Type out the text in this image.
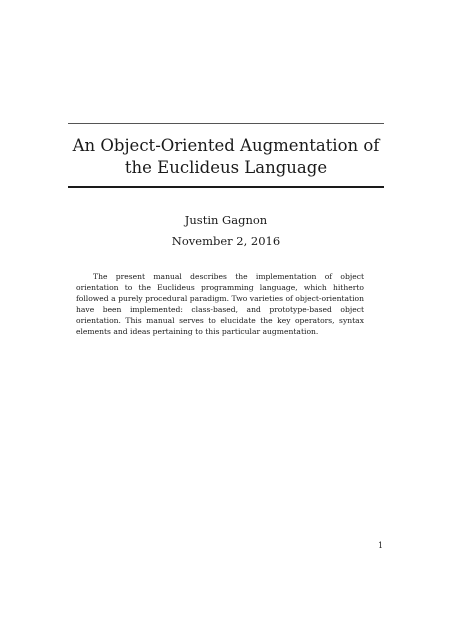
An Object-Oriented Augmentation of the Euclideus Language
Justin Gagnon
November 2, 2016

The present manual describes the implementation of object orientation to the Euclideus programming language, which hitherto followed a purely procedural paradigm. Two varieties of object-orientation have been implemented: class-based, and prototype-based object orientation. This manual serves to elucidate the key operators, syntax elements and ideas pertaining to this particular augmentation.

1
